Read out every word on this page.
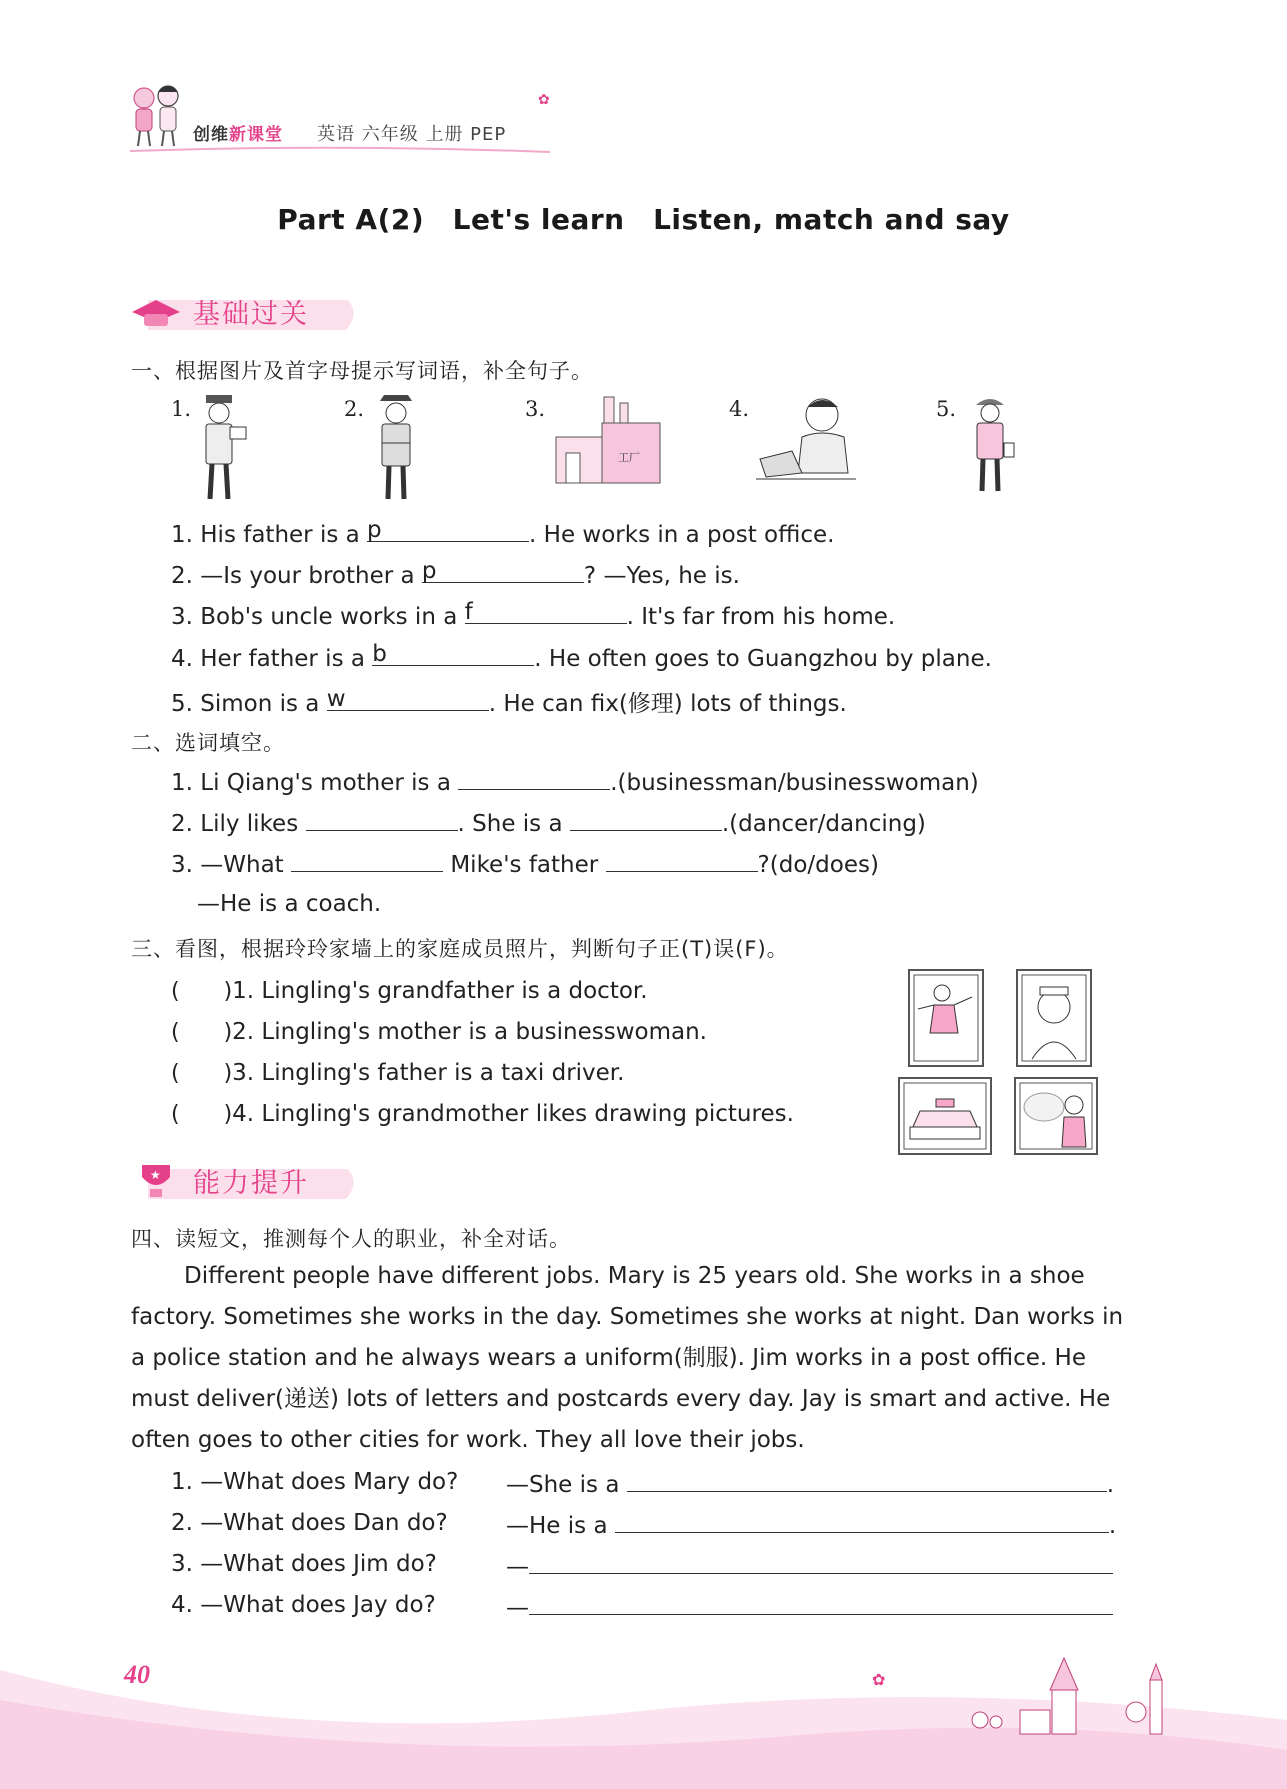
创维新课堂 英语 六年级 上册 PEP
✿
Part A(2)　Let's learn　Listen, match and say
基础过关
一、根据图片及首字母提示写词语，补全句子。
1.	2.	3.	4.	5.
工厂
1. His father is a p	. He works in a post office.
2. —Is your brother a p	? —Yes, he is.
3. Bob's uncle works in a f	. It's far from his home.
4. Her father is a b	. He often goes to Guangzhou by plane.
5. Simon is a w	. He can fix(修理) lots of things.
二、选词填空。
1. Li Qiang's mother is a	.(businessman/businesswoman)
2. Lily likes	. She is a	.(dancer/dancing)
3. —What	Mike's father	?(do/does)
—He is a coach.
三、看图，根据玲玲家墙上的家庭成员照片，判断句子正(T)误(F)。
(　　)1. Lingling's grandfather is a doctor.
(　　)2. Lingling's mother is a businesswoman.
(　　)3. Lingling's father is a taxi driver.
(　　)4. Lingling's grandmother likes drawing pictures.
★ 能力提升
四、读短文，推测每个人的职业，补全对话。
Different people have different jobs. Mary is 25 years old. She works in a shoe factory. Sometimes she works in the day. Sometimes she works at night. Dan works in a police station and he always wears a uniform(制服). Jim works in a post office. He must deliver(递送) lots of letters and postcards every day. Jay is smart and active. He often goes to other cities for work. They all love their jobs.
1. —What does Mary do? —She is a	.
2. —What does Dan do?	—He is a	.
3. —What does Jim do?	—
4. —What does Jay do?	—
✿
40
